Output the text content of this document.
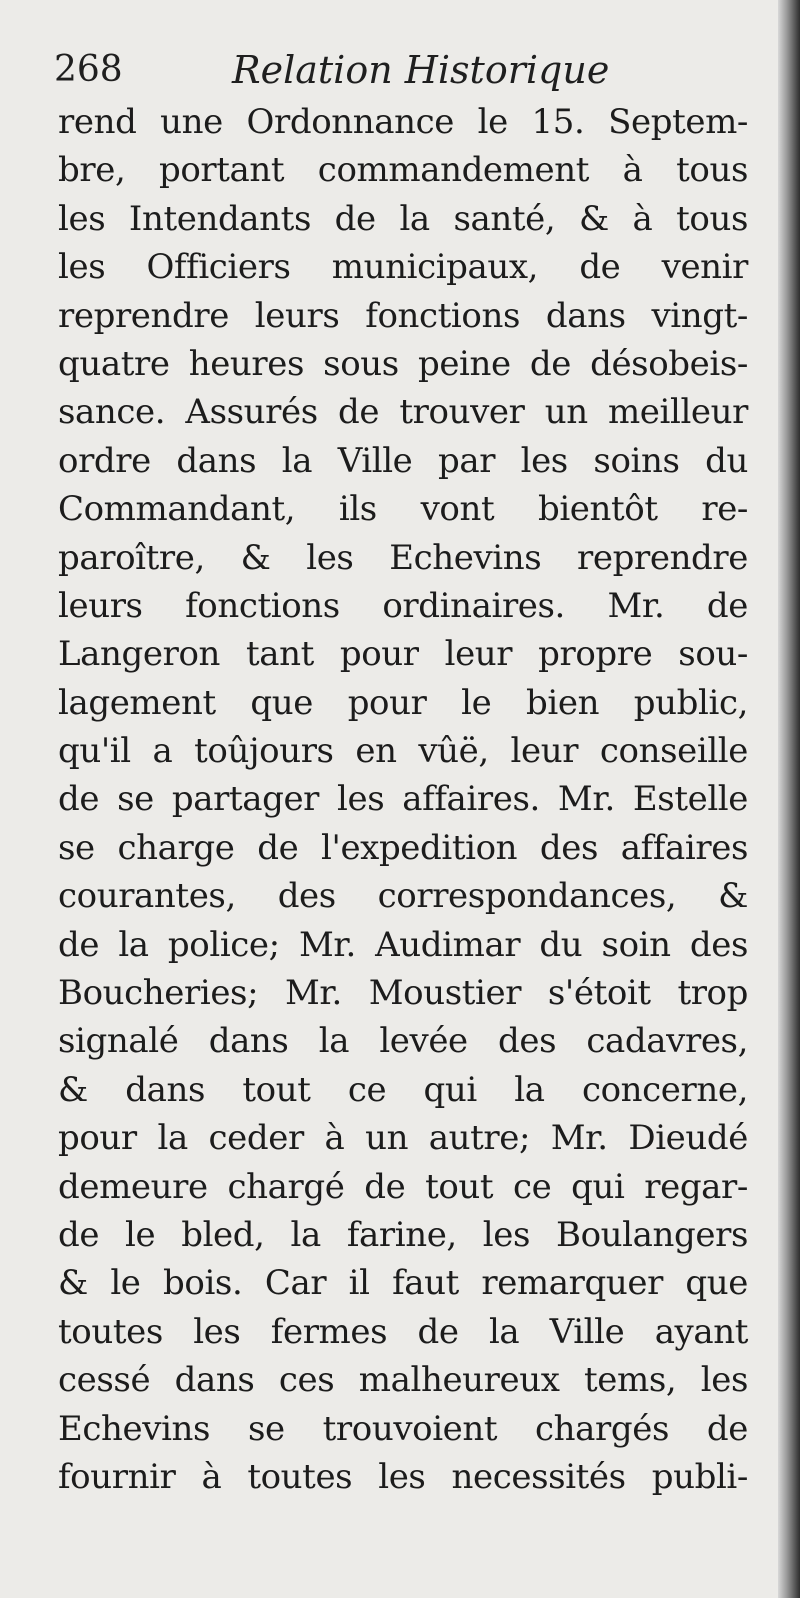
268	Relation Historique
rend une Ordonnance le 15. Septem-
bre, portant commandement à tous
les Intendants de la santé, & à tous
les Officiers municipaux, de venir
reprendre leurs fonctions dans vingt-
quatre heures sous peine de désobeis-
sance. Assurés de trouver un meilleur
ordre dans la Ville par les soins du
Commandant, ils vont bientôt re-
paroître, & les Echevins reprendre
leurs fonctions ordinaires. Mr. de
Langeron tant pour leur propre sou-
lagement que pour le bien public,
qu'il a toûjours en vûë, leur conseille
de se partager les affaires. Mr. Estelle
se charge de l'expedition des affaires
courantes, des correspondances, &
de la police; Mr. Audimar du soin des
Boucheries; Mr. Moustier s'étoit trop
signalé dans la levée des cadavres,
& dans tout ce qui la concerne,
pour la ceder à un autre; Mr. Dieudé
demeure chargé de tout ce qui regar-
de le bled, la farine, les Boulangers
& le bois. Car il faut remarquer que
toutes les fermes de la Ville ayant
cessé dans ces malheureux tems, les
Echevins se trouvoient chargés de
fournir à toutes les necessités publi-
